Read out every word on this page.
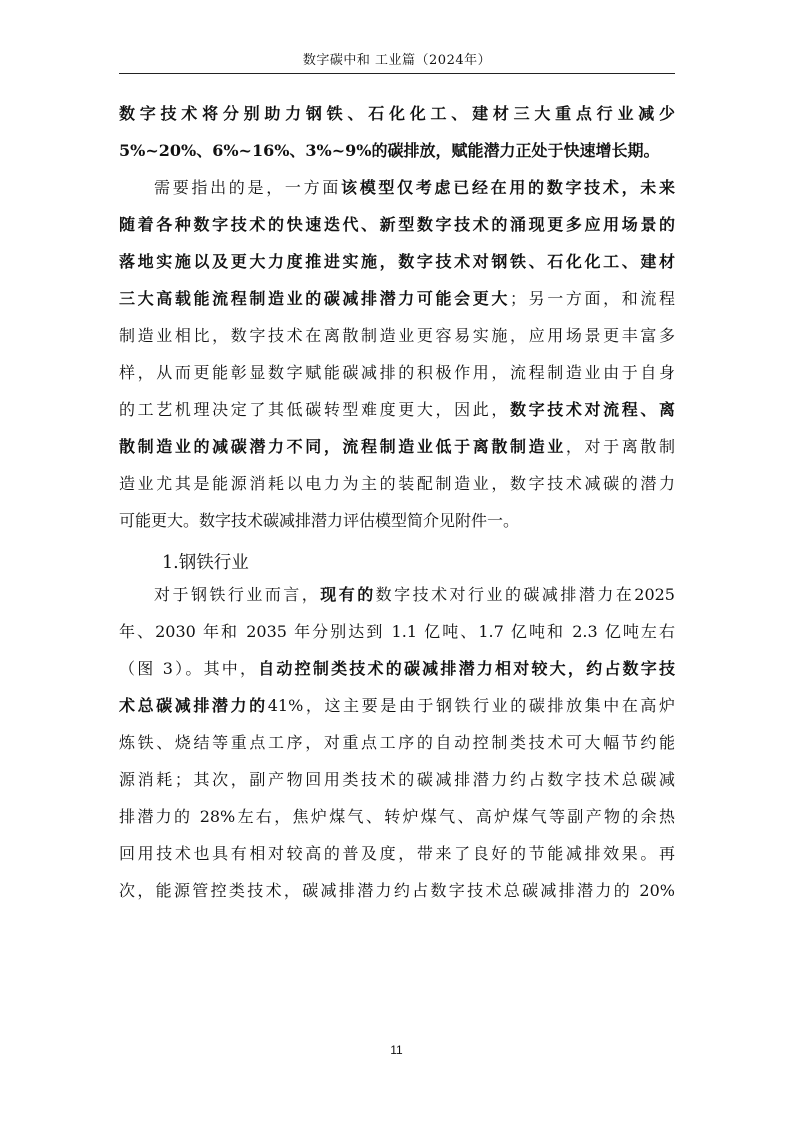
数字碳中和 工业篇（2024年）
数字技术将分别助力钢铁、石化化工、建材三大重点行业减少
5%~20%、6%~16%、3%~9%的碳排放，赋能潜力正处于快速增长期。
需要指出的是，一方面该模型仅考虑已经在用的数字技术，未来
随着各种数字技术的快速迭代、新型数字技术的涌现更多应用场景的
落地实施以及更大力度推进实施，数字技术对钢铁、石化化工、建材
三大高载能流程制造业的碳减排潜力可能会更大；另一方面，和流程
制造业相比，数字技术在离散制造业更容易实施，应用场景更丰富多
样，从而更能彰显数字赋能碳减排的积极作用，流程制造业由于自身
的工艺机理决定了其低碳转型难度更大，因此，数字技术对流程、离
散制造业的减碳潜力不同，流程制造业低于离散制造业，对于离散制
造业尤其是能源消耗以电力为主的装配制造业，数字技术减碳的潜力
可能更大。数字技术碳减排潜力评估模型简介见附件一。
1.钢铁行业
对于钢铁行业而言，现有的数字技术对行业的碳减排潜力在2025
年、2030 年和 2035 年分别达到 1.1 亿吨、1.7 亿吨和 2.3 亿吨左右
（图 3）。其中，自动控制类技术的碳减排潜力相对较大，约占数字技
术总碳减排潜力的41%，这主要是由于钢铁行业的碳排放集中在高炉
炼铁、烧结等重点工序，对重点工序的自动控制类技术可大幅节约能
源消耗；其次，副产物回用类技术的碳减排潜力约占数字技术总碳减
排潜力的 28%左右，焦炉煤气、转炉煤气、高炉煤气等副产物的余热
回用技术也具有相对较高的普及度，带来了良好的节能减排效果。再
次，能源管控类技术，碳减排潜力约占数字技术总碳减排潜力的 20%
11
